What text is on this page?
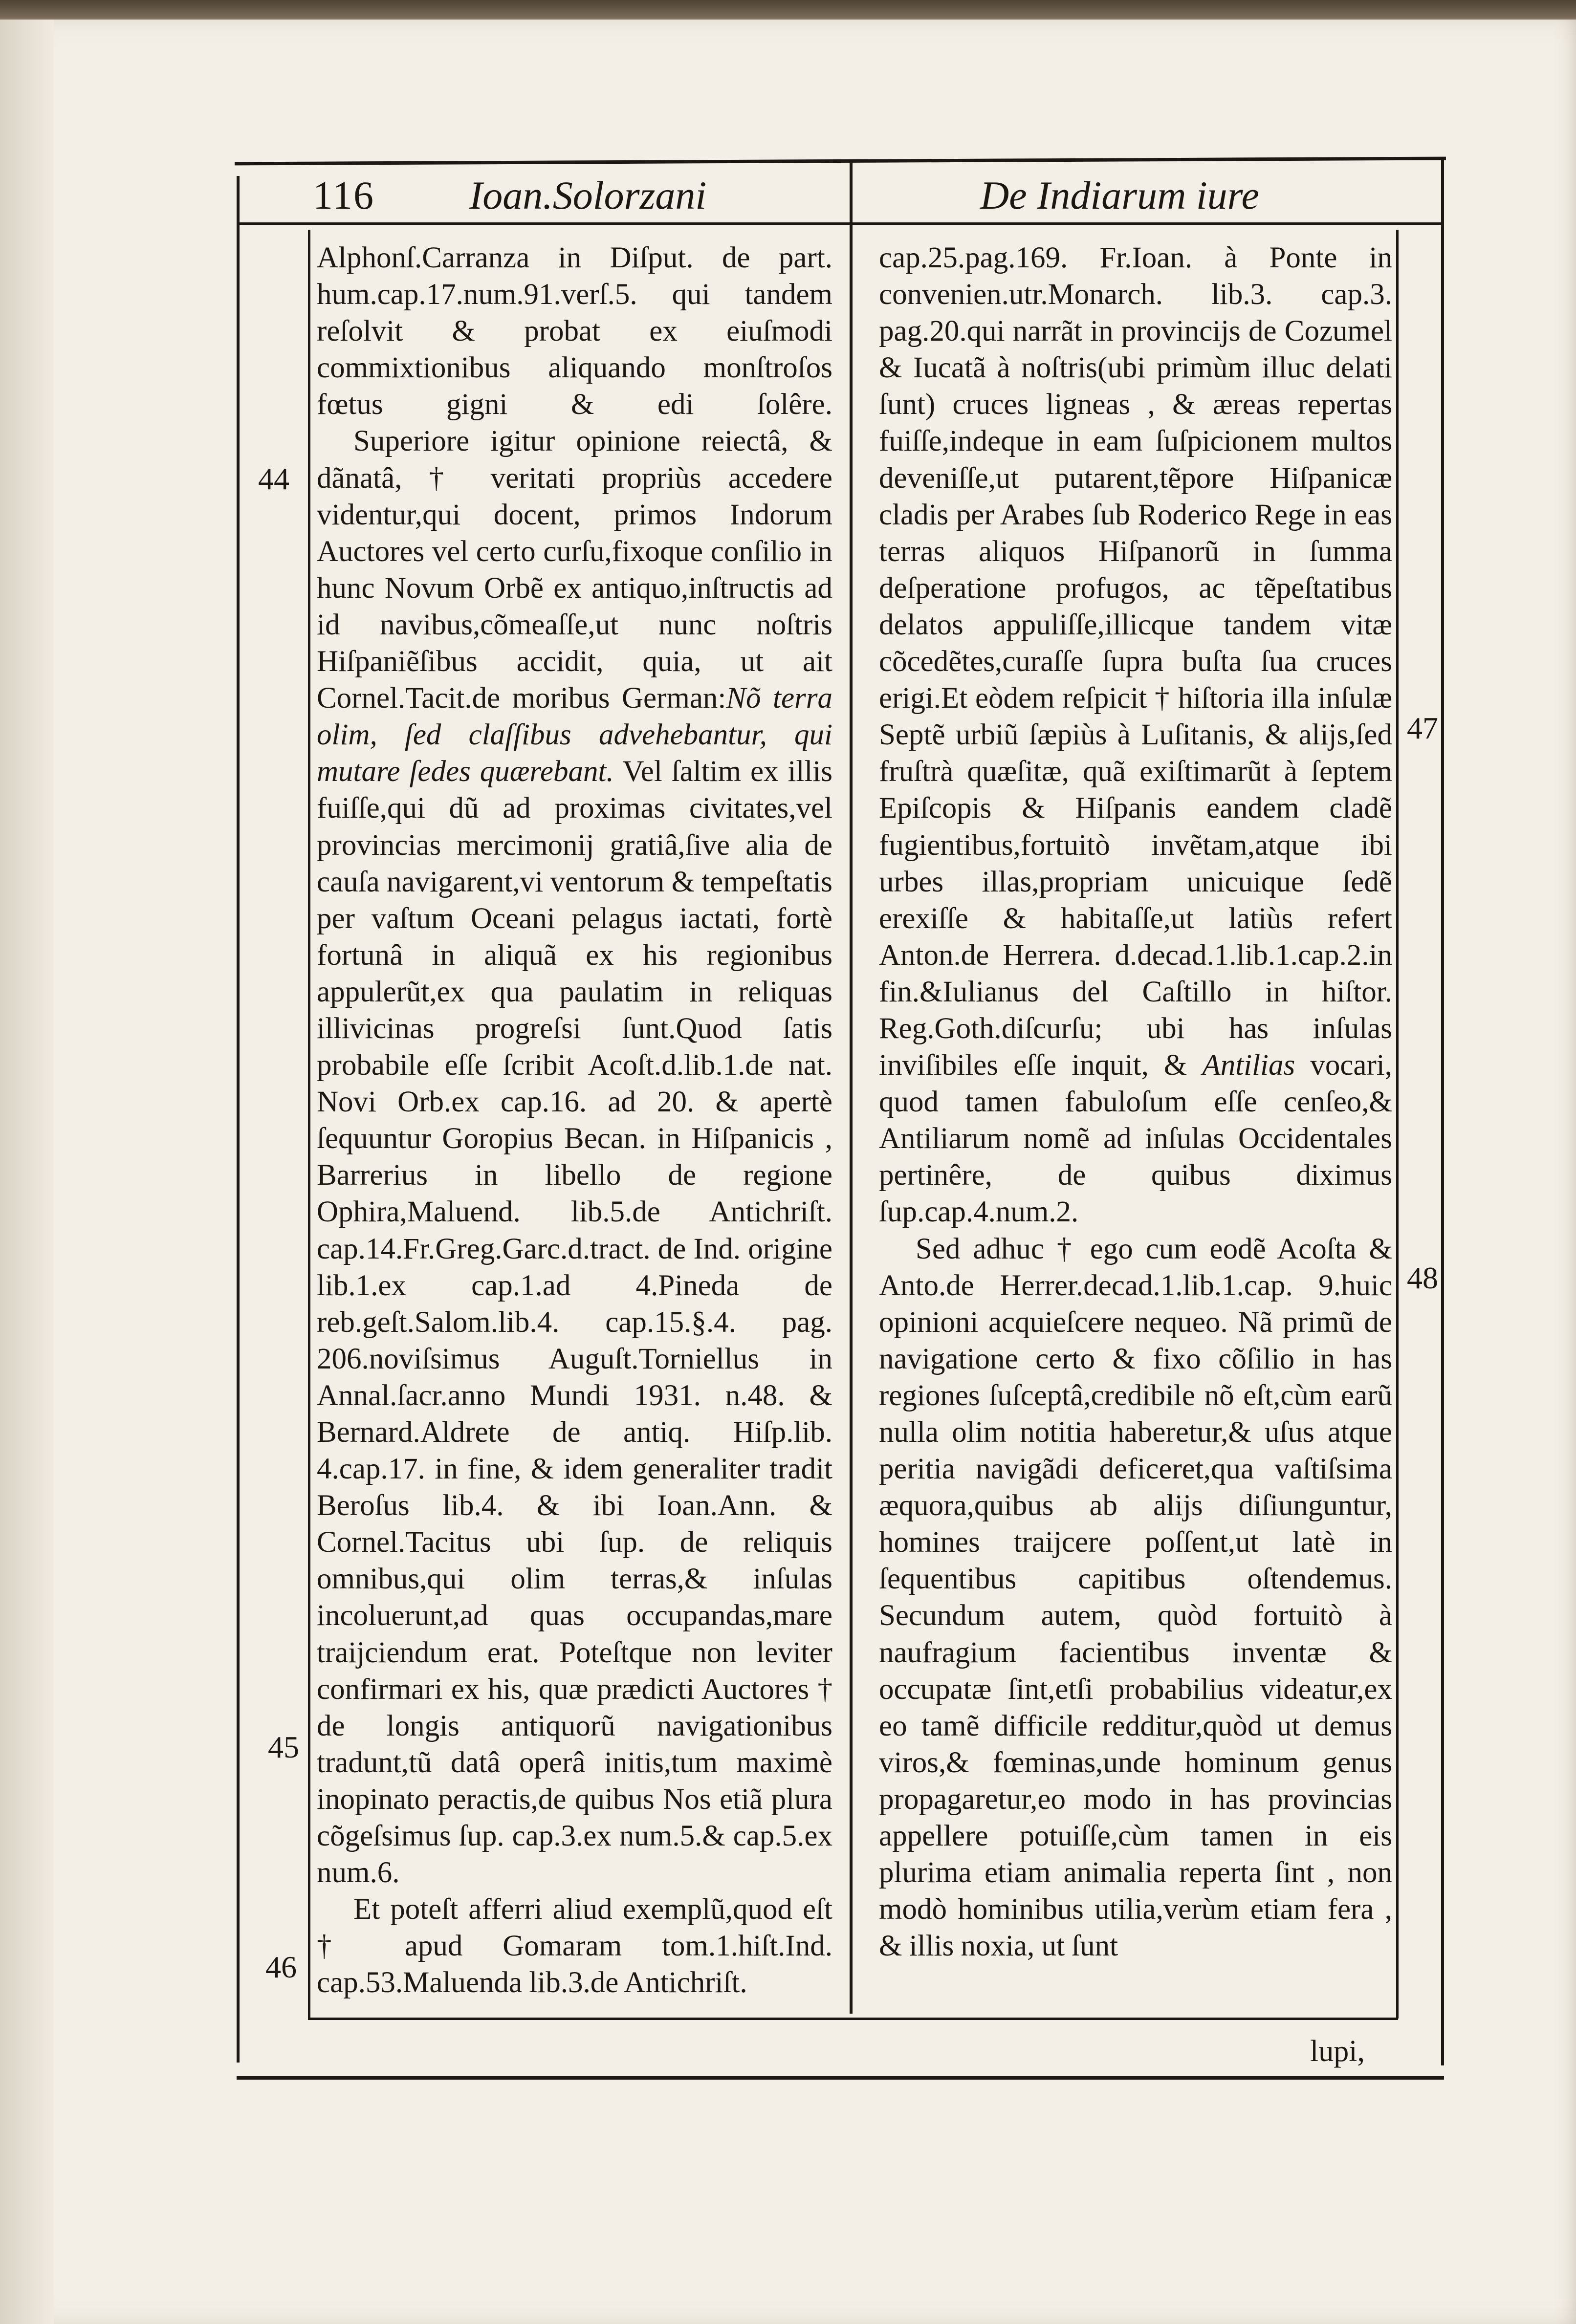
116 Ioan.Solorzani	De Indiarum iure

Alphonſ.Carranza in Diſput. de part. hum.cap.17.num.91.verſ.5. qui tandem reſolvit & probat ex eiuſmodi commixtionibus aliquando monſtroſos fœtus gigni & edi ſolêre.

Superiore igitur opinione reiectâ, & dãnatâ, † veritati propriùs accedere videntur,qui docent, primos Indorum Auctores vel certo curſu,fixoque conſilio in hunc Novum Orbẽ ex antiquo,inſtructis ad id navibus,cõmeaſſe,ut nunc noſtris Hiſpaniẽſibus accidit, quia, ut ait Cornel.Tacit.de moribus German:Nõ terra olim, ſed claſſibus advehebantur, qui mutare ſedes quærebant. Vel ſaltim ex illis fuiſſe,qui dũ ad proximas civitates,vel provincias mercimonij gratiâ,ſive alia de cauſa navigarent,vi ventorum & tempeſtatis per vaſtum Oceani pelagus iactati, fortè fortunâ in aliquã ex his regionibus appulerũt,ex qua paulatim in reliquas illivicinas progreſsi ſunt.Quod ſatis probabile eſſe ſcribit Acoſt.d.lib.1.de nat. Novi Orb.ex cap.16. ad 20. & apertè ſequuntur Goropius Becan. in Hiſpanicis , Barrerius in libello de regione Ophira,Maluend. lib.5.de Antichriſt. cap.14.Fr.Greg.Garc.d.tract. de Ind. origine lib.1.ex cap.1.ad 4.Pineda de reb.geſt.Salom.lib.4. cap.15.§.4. pag. 206.noviſsimus Auguſt.Torniellus in Annal.ſacr.anno Mundi 1931. n.48. & Bernard.Aldrete de antiq. Hiſp.lib. 4.cap.17. in fine, & idem generaliter tradit Beroſus lib.4. & ibi Ioan.Ann. & Cornel.Tacitus ubi ſup. de reliquis omnibus,qui olim terras,& inſulas incoluerunt,ad quas occupandas,mare traijciendum erat. Poteſtque non leviter confirmari ex his, quæ prædicti Auctores † de longis antiquorũ navigationibus tradunt,tũ datâ operâ initis,tum maximè inopinato peractis,de quibus Nos etiã plura cõgeſsimus ſup. cap.3.ex num.5.& cap.5.ex num.6.

Et poteſt afferri aliud exemplũ,quod eſt † apud Gomaram tom.1.hiſt.Ind. cap.53.Maluenda lib.3.de Antichriſt.

cap.25.pag.169. Fr.Ioan. à Ponte in convenien.utr.Monarch. lib.3. cap.3. pag.20.qui narrãt in provincijs de Cozumel & Iucatã à noſtris(ubi primùm illuc delati ſunt) cruces ligneas , & æreas repertas fuiſſe,indeque in eam ſuſpicionem multos deveniſſe,ut putarent,tẽpore Hiſpanicæ cladis per Arabes ſub Roderico Rege in eas terras aliquos Hiſpanorũ in ſumma deſperatione profugos, ac tẽpeſtatibus delatos appuliſſe,illicque tandem vitæ cõcedẽtes,curaſſe ſupra buſta ſua cruces erigi.Et eòdem reſpicit † hiſtoria illa inſulæ Septẽ urbiũ ſæpiùs à Luſitanis, & alijs,ſed fruſtrà quæſitæ, quã exiſtimarũt à ſeptem Epiſcopis & Hiſpanis eandem cladẽ fugientibus,fortuitò invẽtam,atque ibi urbes illas,propriam unicuique ſedẽ erexiſſe & habitaſſe,ut latiùs refert Anton.de Herrera. d.decad.1.lib.1.cap.2.in fin.&Iulianus del Caſtillo in hiſtor. Reg.Goth.diſcurſu; ubi has inſulas inviſibiles eſſe inquit, & Antilias vocari, quod tamen fabuloſum eſſe cenſeo,& Antiliarum nomẽ ad inſulas Occidentales pertinêre, de quibus diximus ſup.cap.4.num.2.

Sed adhuc † ego cum eodẽ Acoſta & Anto.de Herrer.decad.1.lib.1.cap. 9.huic opinioni acquieſcere nequeo. Nã primũ de navigatione certo & fixo cõſilio in has regiones ſuſceptâ,credibile nõ eſt,cùm earũ nulla olim notitia haberetur,& uſus atque peritia navigãdi deficeret,qua vaſtiſsima æquora,quibus ab alijs diſiunguntur, homines traijcere poſſent,ut latè in ſequentibus capitibus oſtendemus. Secundum autem, quòd fortuitò à naufragium facientibus inventæ & occupatæ ſint,etſi probabilius videatur,ex eo tamẽ difficile redditur,quòd ut demus viros,& fœminas,unde hominum genus propagaretur,eo modo in has provincias appellere potuiſſe,cùm tamen in eis plurima etiam animalia reperta ſint , non modò hominibus utilia,verùm etiam fera , & illis noxia, ut ſunt

44
45
46
47
48
lupi,
